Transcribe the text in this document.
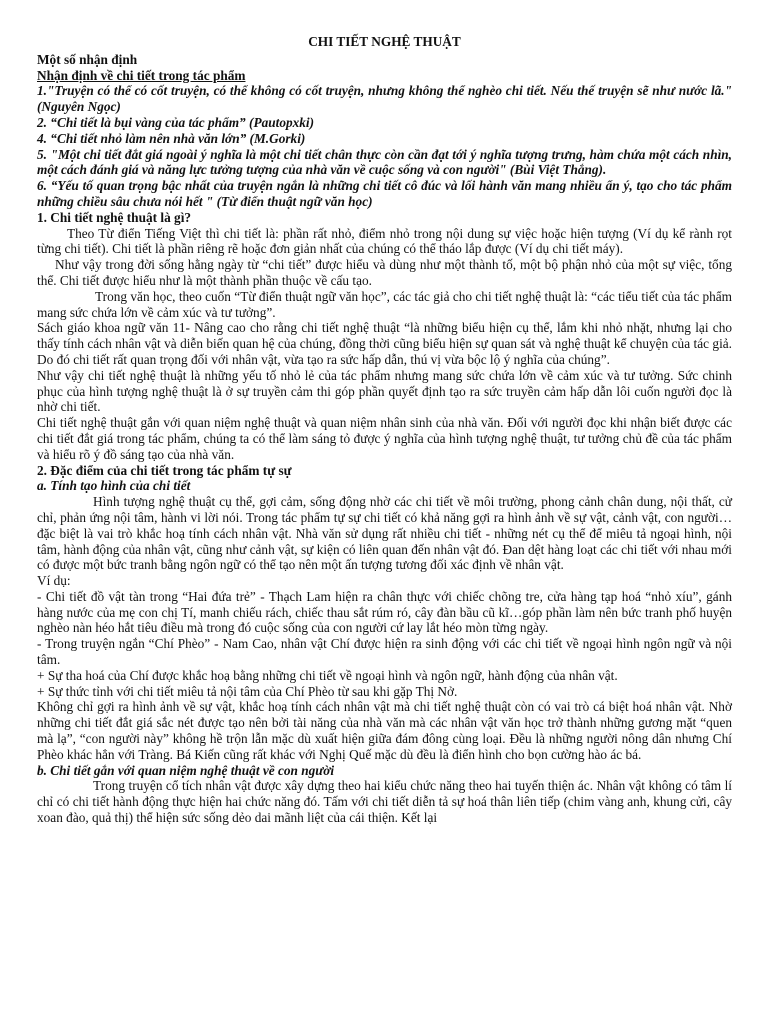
CHI TIẾT NGHỆ THUẬT

Một số nhận định

Nhận định về chi tiết trong tác phẩm

1."Truyện có thể có cốt truyện, có thể không có cốt truyện, nhưng không thể nghèo chi tiết. Nếu thế truyện sẽ như nước lã." (Nguyên Ngọc)

2. “Chi tiết là bụi vàng của tác phẩm” (Pautopxki)

4. “Chi tiết nhỏ làm nên nhà văn lớn” (M.Gorki)

5. "Một chi tiết đắt giá ngoài ý nghĩa là một chi tiết chân thực còn cần đạt tới ý nghĩa tượng trưng, hàm chứa một cách nhìn, một cách đánh giá và năng lực tưởng tượng của nhà văn về cuộc sống và con người" (Bùi Việt Thắng).

6. “Yếu tố quan trọng bậc nhất của truyện ngắn là những chi tiết cô đúc và lối hành văn mang nhiều ẩn ý, tạo cho tác phẩm những chiều sâu chưa nói hết " (Từ điển thuật ngữ văn học)

1. Chi tiết nghệ thuật là gì?

Theo Từ điển Tiếng Việt thì chi tiết là: phần rất nhỏ, điểm nhỏ trong nội dung sự việc hoặc hiện tượng (Ví dụ kể rành rọt từng chi tiết). Chi tiết là phần riêng rẽ hoặc đơn giản nhất của chúng có thể tháo lắp được (Ví dụ chi tiết máy).

Như vậy trong đời sống hằng ngày từ “chi tiết” được hiểu và dùng như một thành tố, một bộ phận nhỏ của một sự việc, tổng thể. Chi tiết được hiểu như là một thành phần thuộc về cấu tạo.

Trong văn học, theo cuốn “Từ điển thuật ngữ văn học”, các tác giả cho chi tiết nghệ thuật là: “các tiểu tiết của tác phẩm mang sức chứa lớn về cảm xúc và tư tưởng”.

Sách giáo khoa ngữ văn 11- Nâng cao cho rằng chi tiết nghệ thuật “là những biểu hiện cụ thể, lắm khi nhỏ nhặt, nhưng lại cho thấy tính cách nhân vật và diễn biến quan hệ của chúng, đồng thời cũng biểu hiện sự quan sát và nghệ thuật kể chuyện của tác giả. Do đó chi tiết rất quan trọng đối với nhân vật, vừa tạo ra sức hấp dẫn, thú vị vừa bộc lộ ý nghĩa của chúng”.

Như vậy chi tiết nghệ thuật là những yếu tố nhỏ lẻ của tác phẩm nhưng mang sức chứa lớn về cảm xúc và tư tưởng. Sức chinh phục của hình tượng nghệ thuật là ở sự truyền cảm thi góp phần quyết định tạo ra sức truyền cảm hấp dẫn lôi cuốn người đọc là nhờ chi tiết.

Chi tiết nghệ thuật gắn với quan niệm nghệ thuật và quan niệm nhân sinh của nhà văn. Đối với người đọc khi nhận biết được các chi tiết đắt giá trong tác phẩm, chúng ta có thể làm sáng tỏ được ý nghĩa của hình tượng nghệ thuật, tư tưởng chủ đề của tác phẩm và hiểu rõ ý đồ sáng tạo của nhà văn.

2. Đặc điểm của chi tiết trong tác phẩm tự sự

a. Tính tạo hình của chi tiết

Hình tượng nghệ thuật cụ thể, gợi cảm, sống động nhờ các chi tiết về môi trường, phong cảnh chân dung, nội thất, cử chỉ, phản ứng nội tâm, hành vi lời nói. Trong tác phẩm tự sự chi tiết có khả năng gợi ra hình ảnh về sự vật, cảnh vật, con người… đặc biệt là vai trò khắc hoạ tính cách nhân vật. Nhà văn sử dụng rất nhiều chi tiết - những nét cụ thể để miêu tả ngoại hình, nội tâm, hành động của nhân vật, cũng như cảnh vật, sự kiện có liên quan đến nhân vật đó. Đan dệt hàng loạt các chi tiết với nhau mới có được một bức tranh bằng ngôn ngữ có thể tạo nên một ấn tượng tương đối xác định về nhân vật.

Ví dụ:

- Chi tiết đồ vật tàn trong “Hai đứa trẻ” - Thạch Lam hiện ra chân thực với chiếc chõng tre, cửa hàng tạp hoá “nhỏ xíu”, gánh hàng nước của mẹ con chị Tí, manh chiếu rách, chiếc thau sắt rúm ró, cây đàn bầu cũ kĩ…góp phần làm nên bức tranh phố huyện nghèo nàn héo hắt tiêu điều mà trong đó cuộc sống của con người cứ lay lắt héo mòn từng ngày.

- Trong truyện ngắn “Chí Phèo” - Nam Cao, nhân vật Chí được hiện ra sinh động với các chi tiết về ngoại hình ngôn ngữ và nội tâm.

+ Sự tha hoá của Chí được khắc hoạ bằng những chi tiết về ngoại hình và ngôn ngữ, hành động của nhân vật.

+ Sự thức tỉnh với chi tiết miêu tả nội tâm của Chí Phèo từ sau khi gặp Thị Nở.

Không chỉ gợi ra hình ảnh về sự vật, khắc hoạ tính cách nhân vật mà chi tiết nghệ thuật còn có vai trò cá biệt hoá nhân vật. Nhờ những chi tiết đắt giá sắc nét được tạo nên bởi tài năng của nhà văn mà các nhân vật văn học trở thành những gương mặt “quen mà lạ”, “con người này” không hề trộn lẫn mặc dù xuất hiện giữa đám đông cùng loại. Đều là những người nông dân nhưng Chí Phèo khác hẳn với Tràng. Bá Kiến cũng rất khác với Nghị Quế mặc dù đều là điển hình cho bọn cường hào ác bá.

b. Chi tiết gắn với quan niệm nghệ thuật về con người

Trong truyện cổ tích nhân vật được xây dựng theo hai kiểu chức năng theo hai tuyến thiện ác. Nhân vật không có tâm lí chỉ có chi tiết hành động thực hiện hai chức năng đó. Tấm với chi tiết diễn tả sự hoá thân liên tiếp (chim vàng anh, khung cửi, cây xoan đào, quả thị) thể hiện sức sống dẻo dai mãnh liệt của cái thiện. Kết lại
